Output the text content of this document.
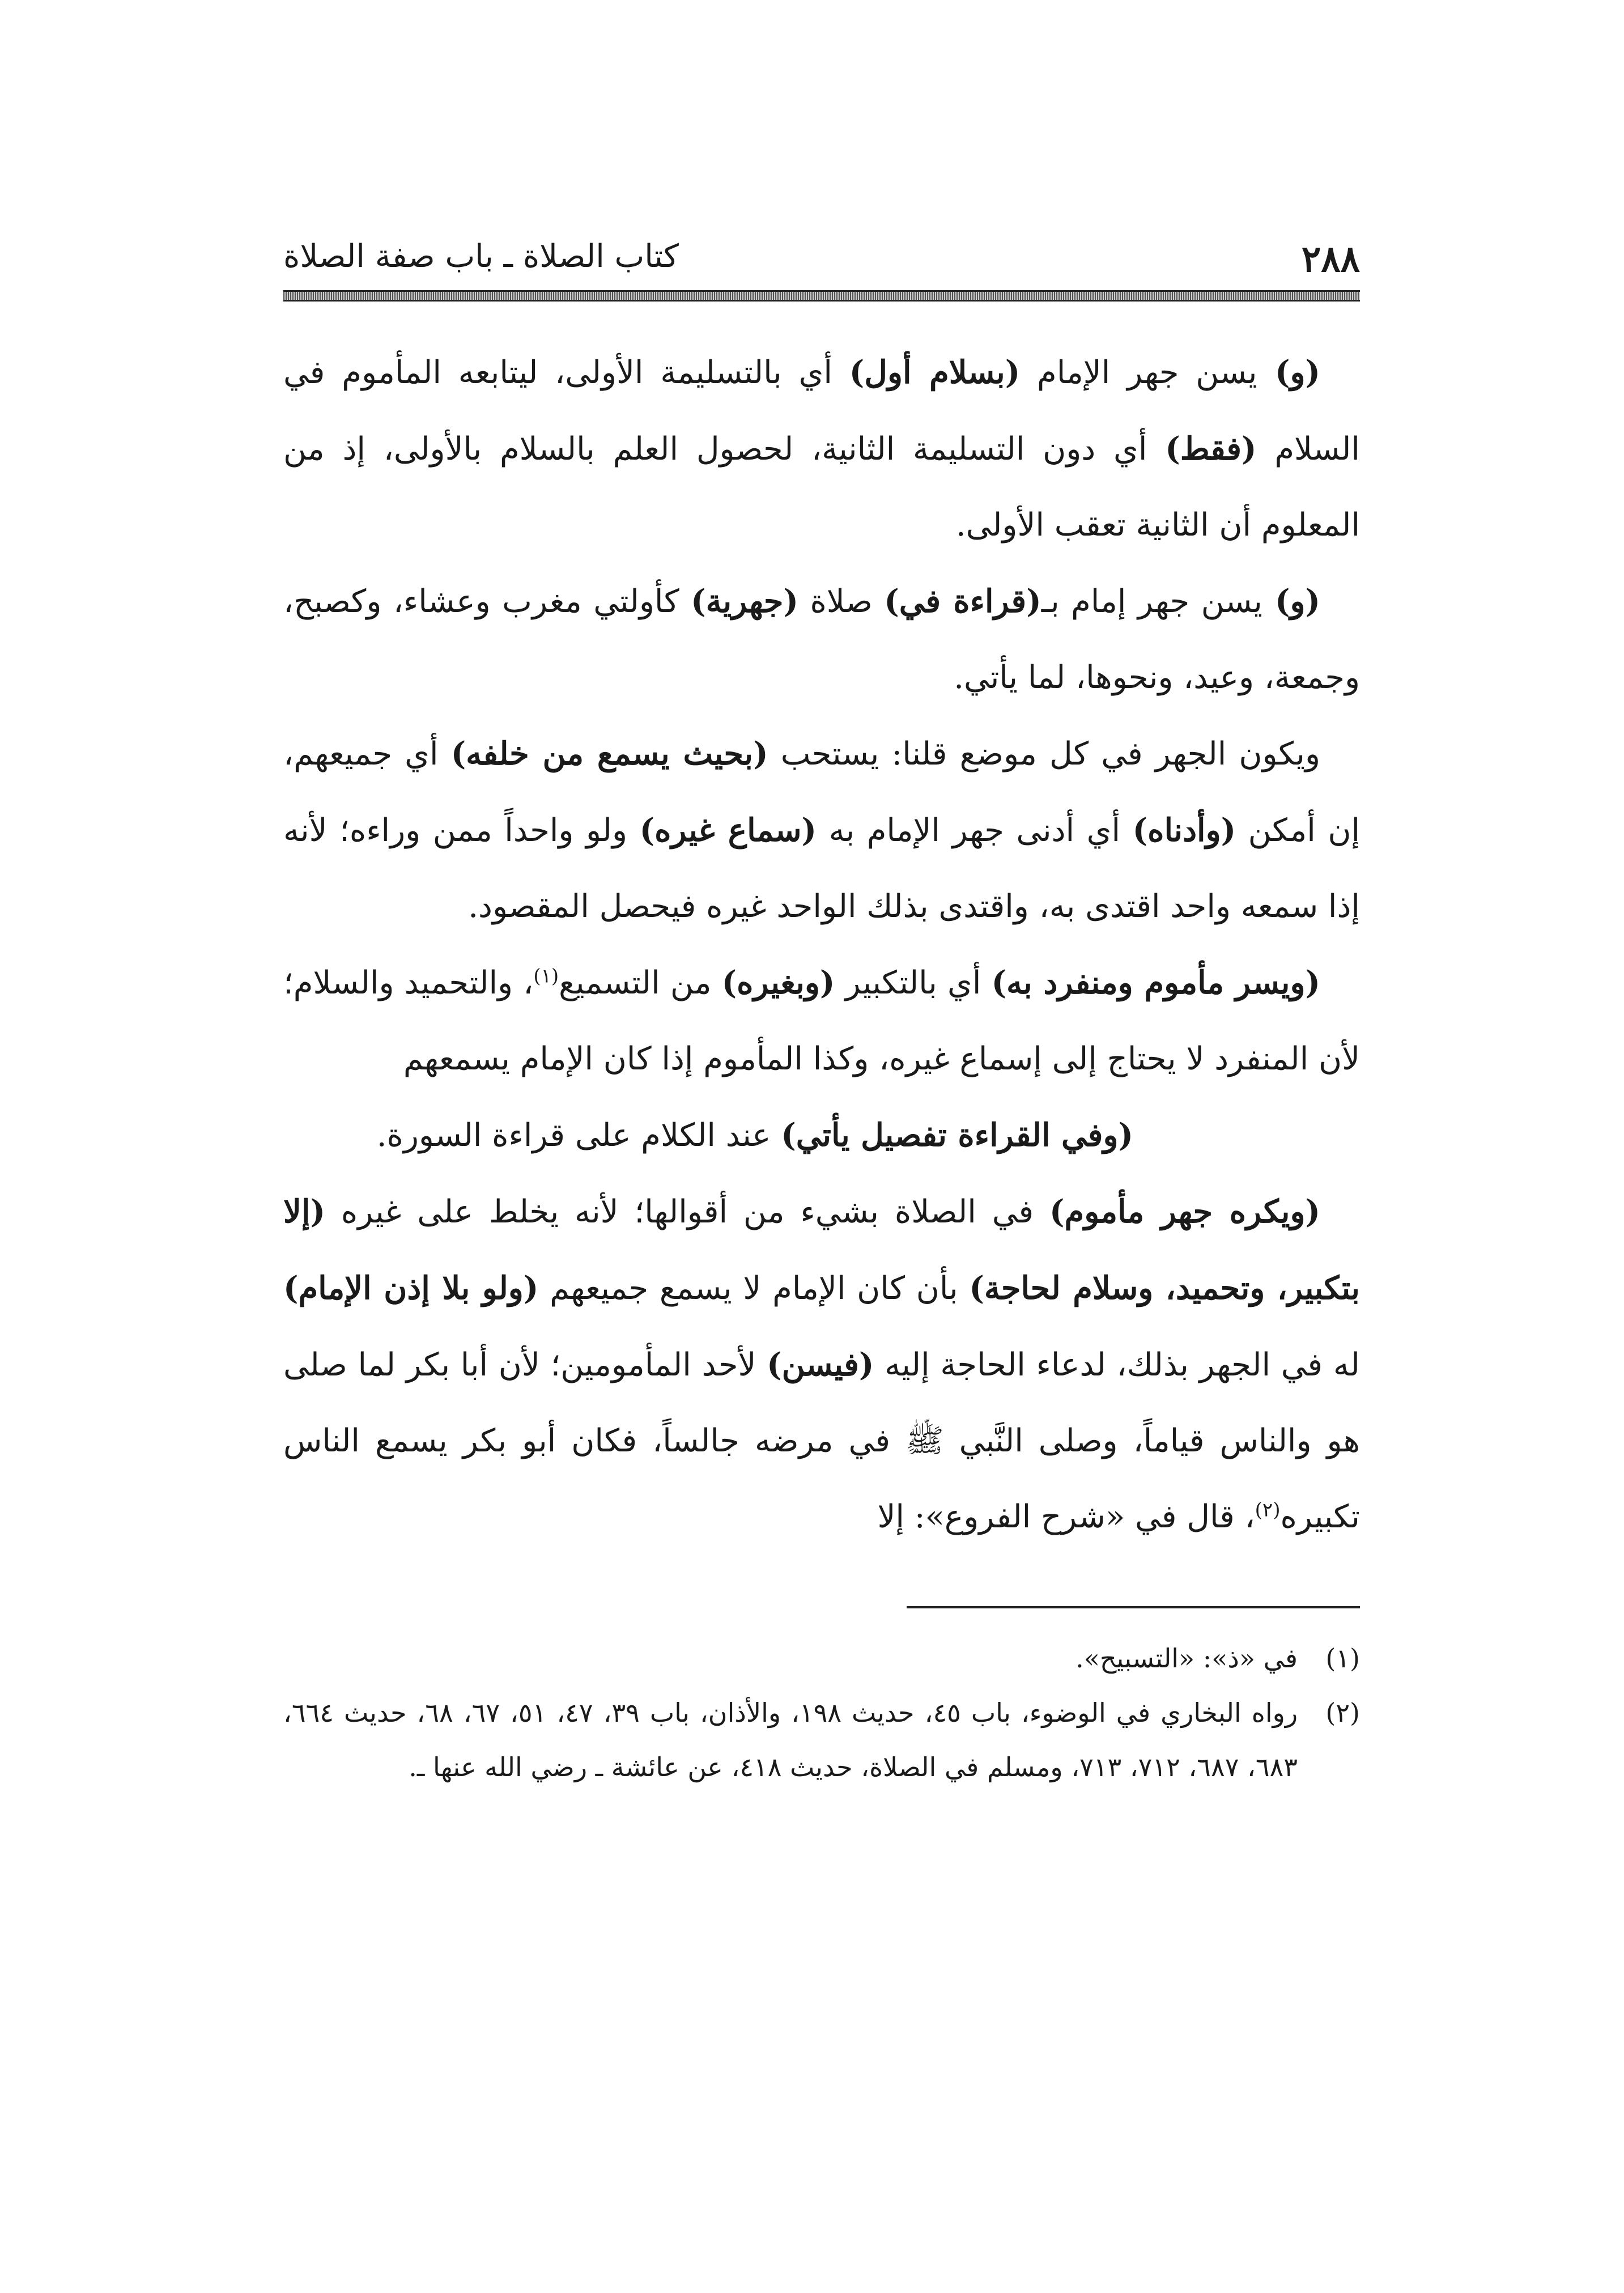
٢٨٨
كتاب الصلاة ـ باب صفة الصلاة

(و) يسن جهر الإمام (بسلام أول) أي بالتسليمة الأولى، ليتابعه المأموم في السلام (فقط) أي دون التسليمة الثانية، لحصول العلم بالسلام بالأولى، إذ من المعلوم أن الثانية تعقب الأولى.

(و) يسن جهر إمام بـ(قراءة في) صلاة (جهرية) كأولتي مغرب وعشاء، وكصبح، وجمعة، وعيد، ونحوها، لما يأتي.

ويكون الجهر في كل موضع قلنا: يستحب (بحيث يسمع من خلفه) أي جميعهم، إن أمكن (وأدناه) أي أدنى جهر الإمام به (سماع غيره) ولو واحداً ممن وراءه؛ لأنه إذا سمعه واحد اقتدى به، واقتدى بذلك الواحد غيره فيحصل المقصود.

(ويسر مأموم ومنفرد به) أي بالتكبير (وبغيره) من التسميع$^{(١)}$، والتحميد والسلام؛ لأن المنفرد لا يحتاج إلى إسماع غيره، وكذا المأموم إذا كان الإمام يسمعهم

(وفي القراءة تفصيل يأتي) عند الكلام على قراءة السورة.

(ويكره جهر مأموم) في الصلاة بشيء من أقوالها؛ لأنه يخلط على غيره (إلا بتكبير، وتحميد، وسلام لحاجة) بأن كان الإمام لا يسمع جميعهم (ولو بلا إذن الإمام) له في الجهر بذلك، لدعاء الحاجة إليه (فيسن) لأحد المأمومين؛ لأن أبا بكر لما صلى هو والناس قياماً، وصلى النَّبي ﷺ في مرضه جالساً، فكان أبو بكر يسمع الناس تكبيره$^{(٢)}$، قال في «شرح الفروع»: إلا

(١)
في «ذ»: «التسبيح».
(٢)
رواه البخاري في الوضوء، باب ٤٥، حديث ١٩٨، والأذان، باب ٣٩، ٤٧، ٥١، ٦٧، ٦٨، حديث ٦٦٤، ٦٨٣، ٦٨٧، ٧١٢، ٧١٣، ومسلم في الصلاة، حديث ٤١٨، عن عائشة ـ رضي الله عنها ـ.
